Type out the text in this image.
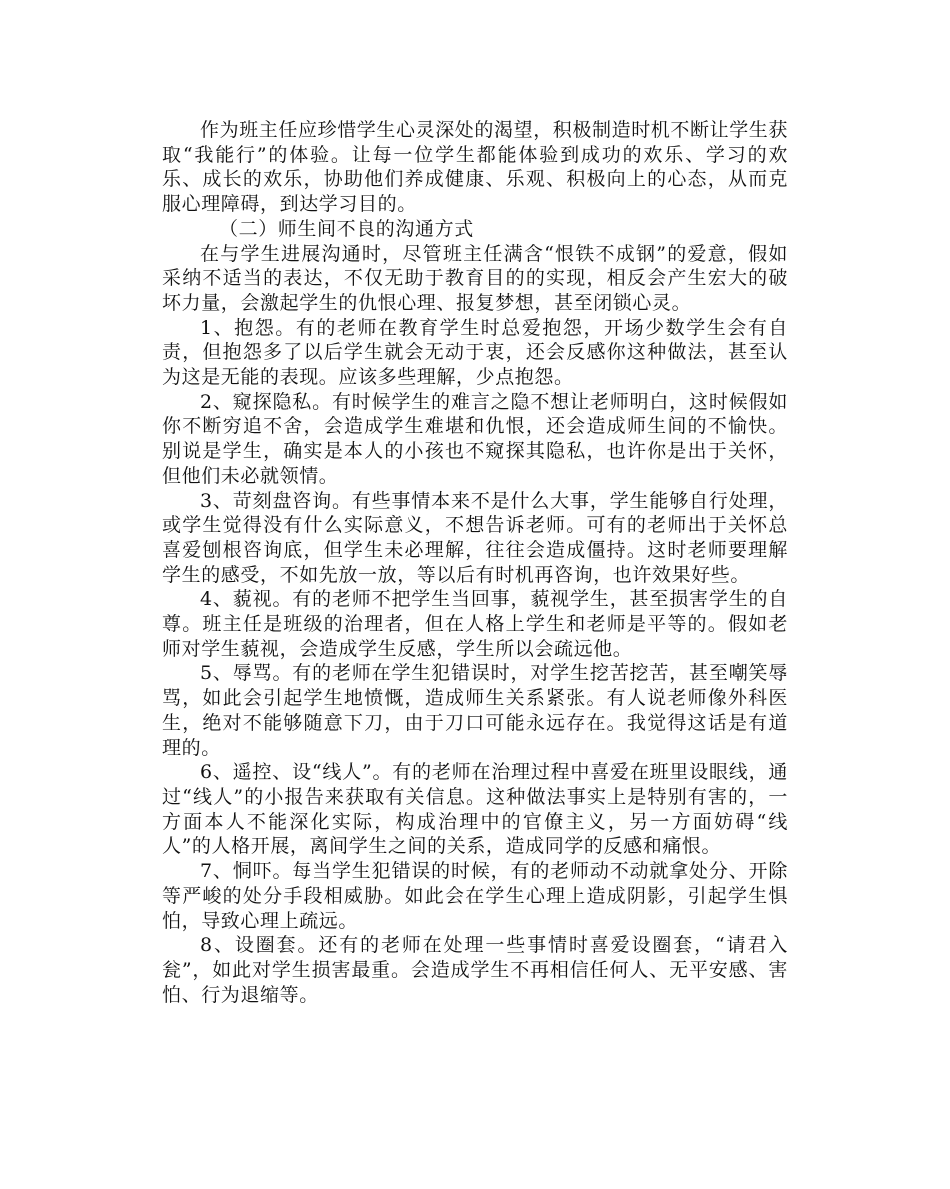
作为班主任应珍惜学生心灵深处的渴望，积极制造时机不断让学生获取“我能行”的体验。让每一位学生都能体验到成功的欢乐、学习的欢乐、成长的欢乐，协助他们养成健康、乐观、积极向上的心态，从而克服心理障碍，到达学习目的。

（二）师生间不良的沟通方式

在与学生进展沟通时，尽管班主任满含“恨铁不成钢”的爱意，假如采纳不适当的表达，不仅无助于教育目的的实现，相反会产生宏大的破坏力量，会激起学生的仇恨心理、报复梦想，甚至闭锁心灵。

1、抱怨。有的老师在教育学生时总爱抱怨，开场少数学生会有自责，但抱怨多了以后学生就会无动于衷，还会反感你这种做法，甚至认为这是无能的表现。应该多些理解，少点抱怨。

2、窥探隐私。有时候学生的难言之隐不想让老师明白，这时候假如你不断穷追不舍，会造成学生难堪和仇恨，还会造成师生间的不愉快。别说是学生，确实是本人的小孩也不窥探其隐私，也许你是出于关怀，但他们未必就领情。

3、苛刻盘咨询。有些事情本来不是什么大事，学生能够自行处理，或学生觉得没有什么实际意义，不想告诉老师。可有的老师出于关怀总喜爱刨根咨询底，但学生未必理解，往往会造成僵持。这时老师要理解学生的感受，不如先放一放，等以后有时机再咨询，也许效果好些。

4、藐视。有的老师不把学生当回事，藐视学生，甚至损害学生的自尊。班主任是班级的治理者，但在人格上学生和老师是平等的。假如老师对学生藐视，会造成学生反感，学生所以会疏远他。

5、辱骂。有的老师在学生犯错误时，对学生挖苦挖苦，甚至嘲笑辱骂，如此会引起学生地愤慨，造成师生关系紧张。有人说老师像外科医生，绝对不能够随意下刀，由于刀口可能永远存在。我觉得这话是有道理的。

6、遥控、设“线人”。有的老师在治理过程中喜爱在班里设眼线，通过“线人”的小报告来获取有关信息。这种做法事实上是特别有害的，一方面本人不能深化实际，构成治理中的官僚主义，另一方面妨碍“线人”的人格开展，离间学生之间的关系，造成同学的反感和痛恨。

7、恫吓。每当学生犯错误的时候，有的老师动不动就拿处分、开除等严峻的处分手段相威胁。如此会在学生心理上造成阴影，引起学生惧怕，导致心理上疏远。

8、设圈套。还有的老师在处理一些事情时喜爱设圈套，“请君入瓮”，如此对学生损害最重。会造成学生不再相信任何人、无平安感、害怕、行为退缩等。
